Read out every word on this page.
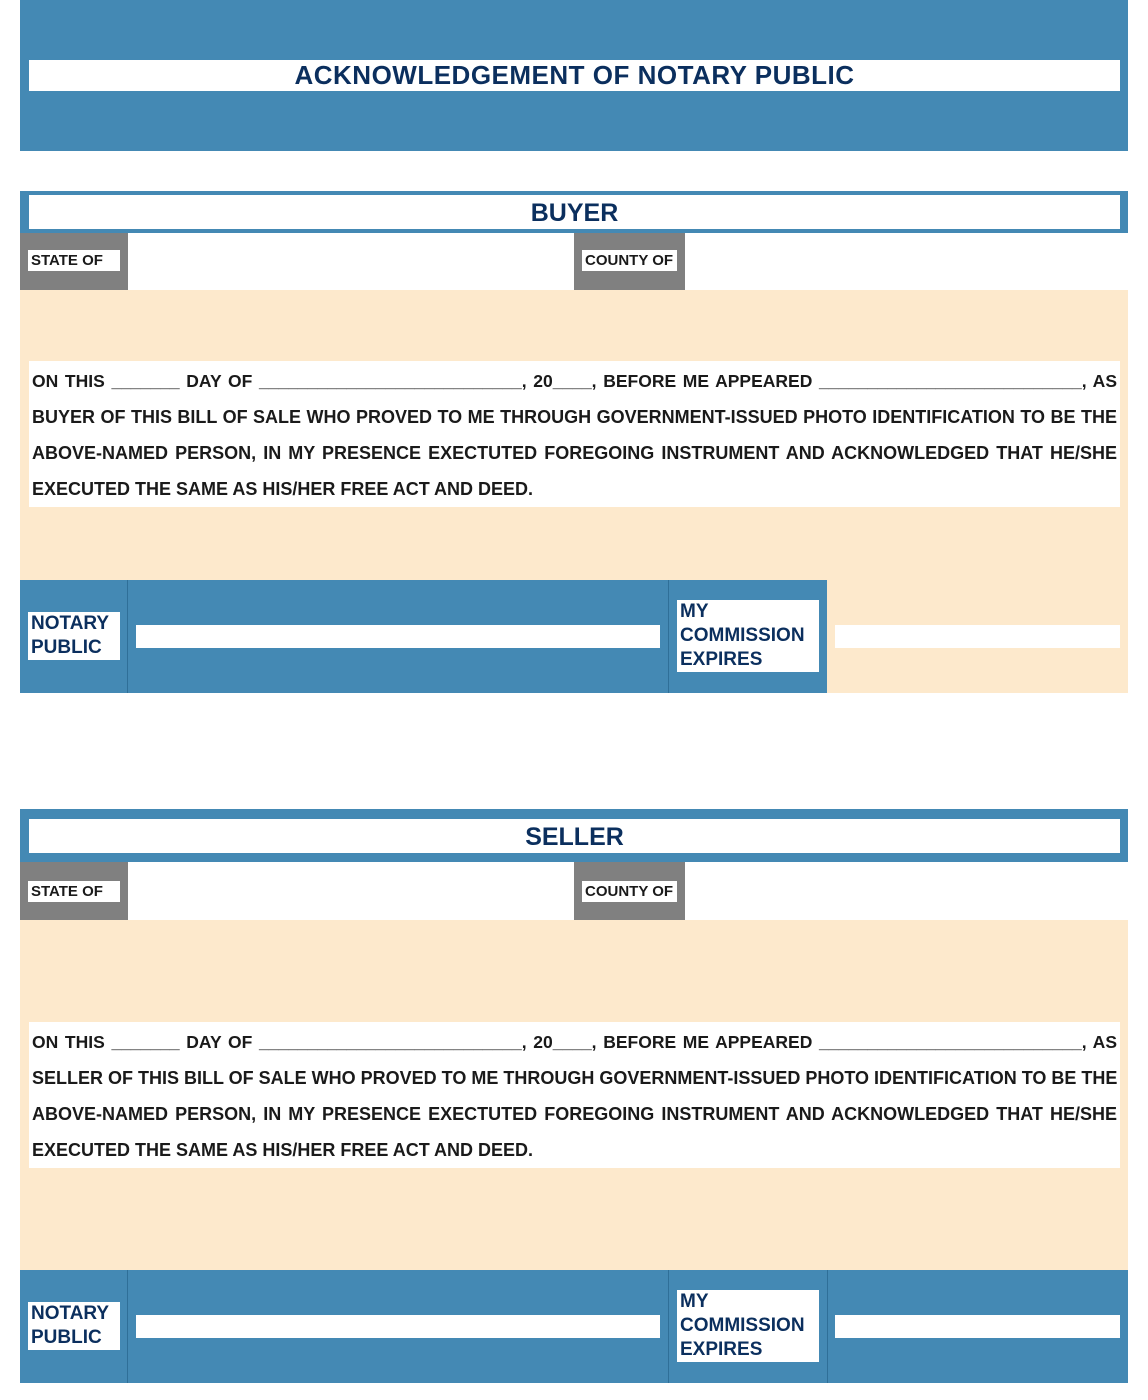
ACKNOWLEDGEMENT OF NOTARY PUBLIC
BUYER
STATE OF	COUNTY OF
ON THIS _______ DAY OF ___________________________, 20____, BEFORE ME APPEARED ___________________________, AS
BUYER OF THIS BILL OF SALE WHO PROVED TO ME THROUGH GOVERNMENT-ISSUED PHOTO IDENTIFICATION TO BE THE
ABOVE-NAMED PERSON, IN MY PRESENCE EXECTUTED FOREGOING INSTRUMENT AND ACKNOWLEDGED THAT HE/SHE
EXECUTED THE SAME AS HIS/HER FREE ACT AND DEED.
NOTARY
PUBLIC
MY
COMMISSION
EXPIRES
SELLER
STATE OF	COUNTY OF
ON THIS _______ DAY OF ___________________________, 20____, BEFORE ME APPEARED ___________________________, AS
SELLER OF THIS BILL OF SALE WHO PROVED TO ME THROUGH GOVERNMENT-ISSUED PHOTO IDENTIFICATION TO BE THE
ABOVE-NAMED PERSON, IN MY PRESENCE EXECTUTED FOREGOING INSTRUMENT AND ACKNOWLEDGED THAT HE/SHE
EXECUTED THE SAME AS HIS/HER FREE ACT AND DEED.
NOTARY
PUBLIC
MY
COMMISSION
EXPIRES
